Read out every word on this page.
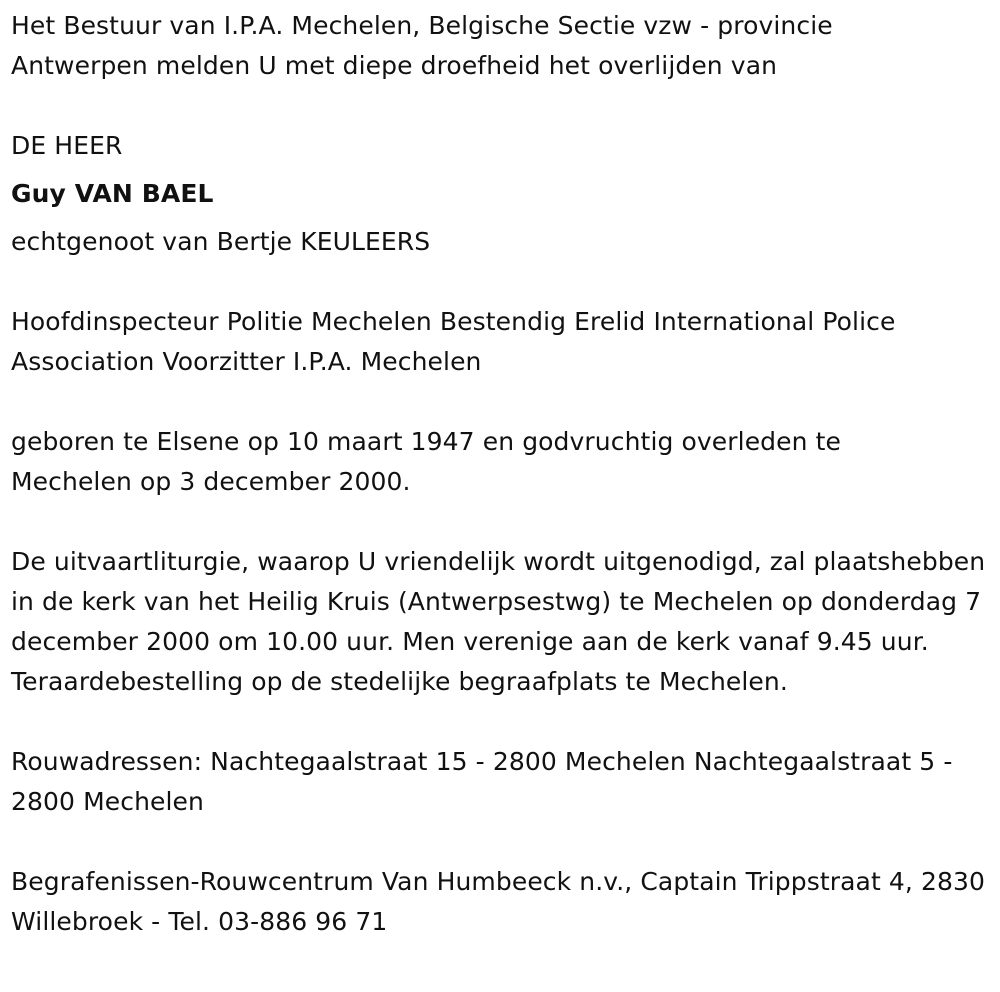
Het Bestuur van I.P.A. Mechelen, Belgische Sectie vzw - provincie Antwerpen melden U met diepe droefheid het overlijden van

DE HEER

Guy VAN BAEL

echtgenoot van Bertje KEULEERS

Hoofdinspecteur Politie Mechelen Bestendig Erelid International Police Association Voorzitter I.P.A. Mechelen

geboren te Elsene op 10 maart 1947 en godvruchtig overleden te Mechelen op 3 december 2000.

De uitvaartliturgie, waarop U vriendelijk wordt uitgenodigd, zal plaatshebben in de kerk van het Heilig Kruis (Antwerpsestwg) te Mechelen op donderdag 7 december 2000 om 10.00 uur. Men verenige aan de kerk vanaf 9.45 uur. Teraardebestelling op de stedelijke begraafplats te Mechelen.

Rouwadressen: Nachtegaalstraat 15 - 2800 Mechelen Nachtegaalstraat 5 - 2800 Mechelen

Begrafenissen-Rouwcentrum Van Humbeeck n.v., Captain Trippstraat 4, 2830 Willebroek - Tel. 03-886 96 71
